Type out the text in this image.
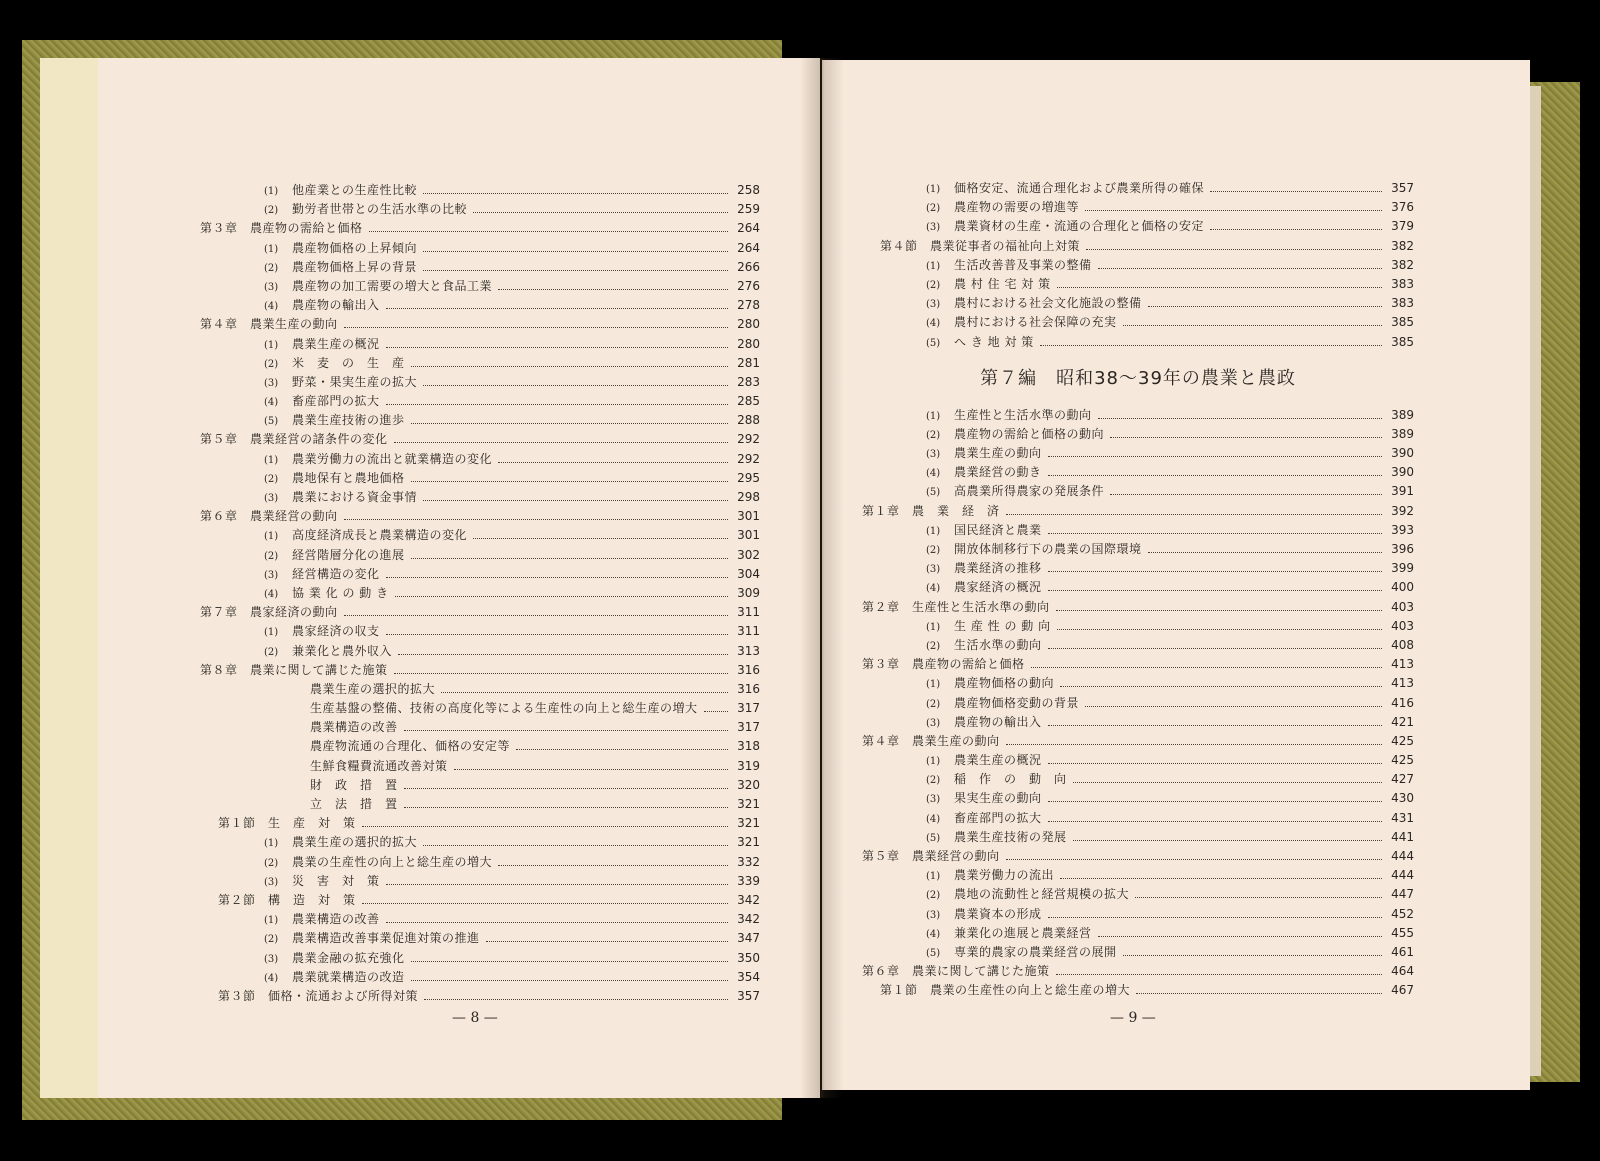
(1)	他産業との生産性比較	258
(2)	勤労者世帯との生活水準の比較	259
第３章　農産物の需給と価格	264
(1)	農産物価格の上昇傾向	264
(2)	農産物価格上昇の背景	266
(3)	農産物の加工需要の増大と食品工業	276
(4)	農産物の輸出入	278
第４章　農業生産の動向	280
(1)	農業生産の概況	280
(2)	米　麦　の　生　産	281
(3)	野菜・果実生産の拡大	283
(4)	畜産部門の拡大	285
(5)	農業生産技術の進歩	288
第５章　農業経営の諸条件の変化	292
(1)	農業労働力の流出と就業構造の変化	292
(2)	農地保有と農地価格	295
(3)	農業における資金事情	298
第６章　農業経営の動向	301
(1)	高度経済成長と農業構造の変化	301
(2)	経営階層分化の進展	302
(3)	経営構造の変化	304
(4)	協 業 化 の 動 き	309
第７章　農家経済の動向	311
(1)	農家経済の収支	311
(2)	兼業化と農外収入	313
第８章　農業に関して講じた施策	316
農業生産の選択的拡大	316
生産基盤の整備、技術の高度化等による生産性の向上と総生産の増大	317
農業構造の改善	317
農産物流通の合理化、価格の安定等	318
生鮮食糧費流通改善対策	319
財　政　措　置	320
立　法　措　置	321
第１節　生　産　対　策	321
(1)	農業生産の選択的拡大	321
(2)	農業の生産性の向上と総生産の増大	332
(3)	災　害　対　策	339
第２節　構　造　対　策	342
(1)	農業構造の改善	342
(2)	農業構造改善事業促進対策の推進	347
(3)	農業金融の拡充強化	350
(4)	農業就業構造の改造	354
第３節　価格・流通および所得対策	357
(1)	価格安定、流通合理化および農業所得の確保	357
(2)	農産物の需要の増進等	376
(3)	農業資材の生産・流通の合理化と価格の安定	379
第４節　農業従事者の福祉向上対策	382
(1)	生活改善普及事業の整備	382
(2)	農 村 住 宅 対 策	383
(3)	農村における社会文化施設の整備	383
(4)	農村における社会保障の充実	385
(5)	へ き 地 対 策	385
第７編　昭和38〜39年の農業と農政
(1)	生産性と生活水準の動向	389
(2)	農産物の需給と価格の動向	389
(3)	農業生産の動向	390
(4)	農業経営の動き	390
(5)	高農業所得農家の発展条件	391
第１章　農　業　経　済	392
(1)	国民経済と農業	393
(2)	開放体制移行下の農業の国際環境	396
(3)	農業経済の推移	399
(4)	農家経済の概況	400
第２章　生産性と生活水準の動向	403
(1)	生 産 性 の 動 向	403
(2)	生活水準の動向	408
第３章　農産物の需給と価格	413
(1)	農産物価格の動向	413
(2)	農産物価格変動の背景	416
(3)	農産物の輸出入	421
第４章　農業生産の動向	425
(1)	農業生産の概況	425
(2)	稲　作　の　動　向	427
(3)	果実生産の動向	430
(4)	畜産部門の拡大	431
(5)	農業生産技術の発展	441
第５章　農業経営の動向	444
(1)	農業労働力の流出	444
(2)	農地の流動性と経営規模の拡大	447
(3)	農業資本の形成	452
(4)	兼業化の進展と農業経営	455
(5)	専業的農家の農業経営の展開	461
第６章　農業に関して講じた施策	464
第１節　農業の生産性の向上と総生産の増大	467
— 8 —	— 9 —
